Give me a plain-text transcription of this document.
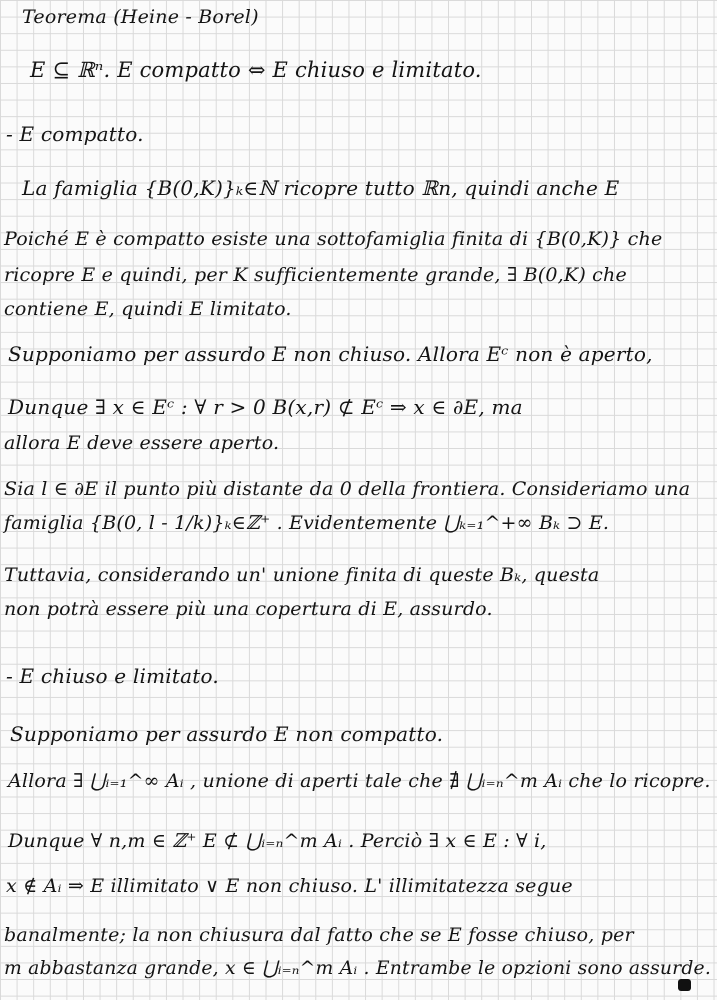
Teorema (Heine - Borel)
E ⊆ ℝⁿ. E compatto ⇔ E chiuso e limitato.
- E compatto.
La famiglia {B(0,K)}ₖ∈ℕ ricopre tutto ℝn, quindi anche E
Poiché E è compatto esiste una sottofamiglia finita di {B(0,K)} che
ricopre E e quindi, per K sufficientemente grande, ∃ B(0,K) che
contiene E, quindi E limitato.
Supponiamo per assurdo E non chiuso. Allora Eᶜ non è aperto,
Dunque ∃ x ∈ Eᶜ : ∀ r > 0 B(x,r) ⊄ Eᶜ ⇒ x ∈ ∂E, ma
allora E deve essere aperto.
Sia l ∈ ∂E il punto più distante da 0 della frontiera. Consideriamo una
famiglia {B(0, l - 1/k)}ₖ∈ℤ⁺ . Evidentemente ⋃ₖ₌₁^+∞ Bₖ ⊃ E.
Tuttavia, considerando un' unione finita di queste Bₖ, questa
non potrà essere più una copertura di E, assurdo.
- E chiuso e limitato.
Supponiamo per assurdo E non compatto.
Allora ∃ ⋃ᵢ₌₁^∞ Aᵢ , unione di aperti tale che ∄ ⋃ᵢ₌ₙ^m Aᵢ che lo ricopre.
Dunque ∀ n,m ∈ ℤ⁺ E ⊄ ⋃ᵢ₌ₙ^m Aᵢ . Perciò ∃ x ∈ E : ∀ i,
x ∉ Aᵢ ⇒ E illimitato ∨ E non chiuso. L' illimitatezza segue
banalmente; la non chiusura dal fatto che se E fosse chiuso, per
m abbastanza grande, x ∈ ⋃ᵢ₌ₙ^m Aᵢ . Entrambe le opzioni sono assurde.
